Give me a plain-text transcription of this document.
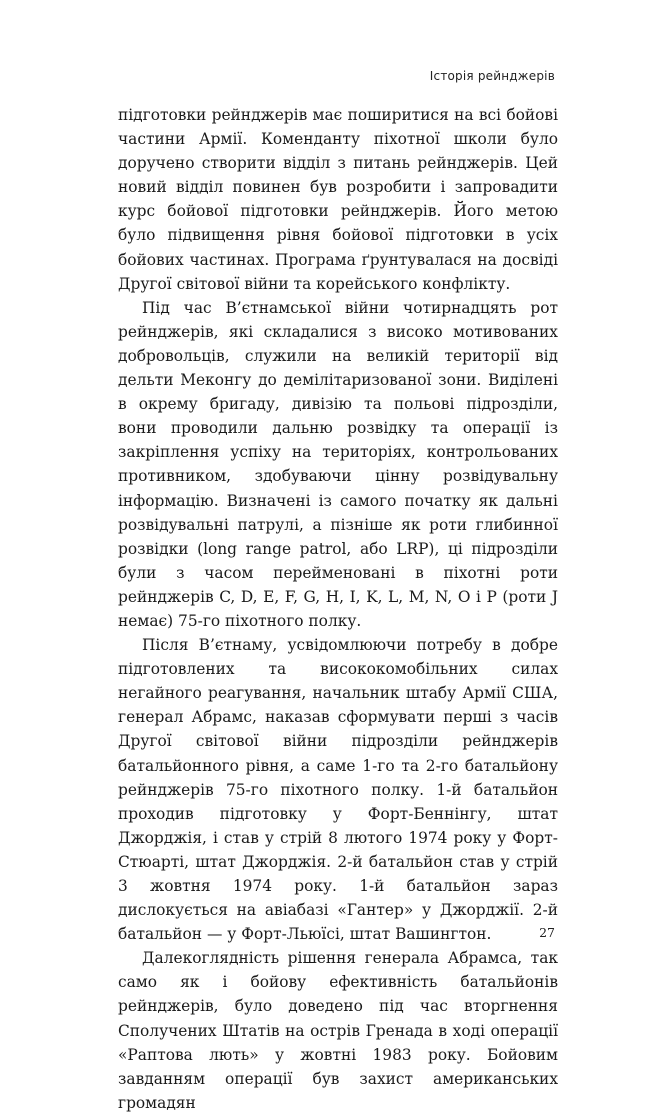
Історія рейнджерів

підготовки рейнджерів має поширитися на всі бойові частини Армії. Коменданту піхотної школи було доручено створити відділ з питань рейнджерів. Цей новий відділ повинен був розробити і запровадити курс бойової підготовки рейнджерів. Його метою було підвищення рівня бойової підготовки в усіх бойових частинах. Програма ґрунтувалася на досвіді Другої світової війни та корейського конфлікту.

Під час В’єтнамської війни чотирнадцять рот рейнджерів, які складалися з високо мотивованих добровольців, служили на великій території від дельти Меконгу до демілітаризованої зони. Виділені в окрему бригаду, дивізію та польові підрозділи, вони проводили дальню розвідку та операції із закріплення успіху на територіях, контрольованих противником, здобуваючи цінну розвідувальну інформацію. Визначені із самого початку як дальні розвідувальні патрулі, а пізніше як роти глибинної розвідки (long range patrol, або LRP), ці підрозділи були з часом перейменовані в піхотні роти рейнджерів C, D, E, F, G, H, I, K, L, M, N, O і P (роти J немає) 75-го піхотного полку.

Після В’єтнаму, усвідомлюючи потребу в добре підготовлених та висококомобільних силах негайного реагування, начальник штабу Армії США, генерал Абрамс, наказав сформувати перші з часів Другої світової війни підрозділи рейнджерів батальйонного рівня, а саме 1-го та 2-го батальйону рейнджерів 75-го піхотного полку. 1-й батальйон проходив підготовку у Форт-Беннінгу, штат Джорджія, і став у стрій 8 лютого 1974 року у Форт-Стюарті, штат Джорджія. 2-й батальйон став у стрій 3 жовтня 1974 року. 1-й батальйон зараз дислокується на авіабазі «Гантер» у Джорджії. 2-й батальйон — у Форт-Льюїсі, штат Вашингтон.

Далекоглядність рішення генерала Абрамса, так само як і бойову ефективність батальйонів рейнджерів, було доведено під час вторгнення Сполучених Штатів на острів Гренада в ході операції «Раптова лють» у жовтні 1983 року. Бойовим завданням операції був захист американських громадян

27
